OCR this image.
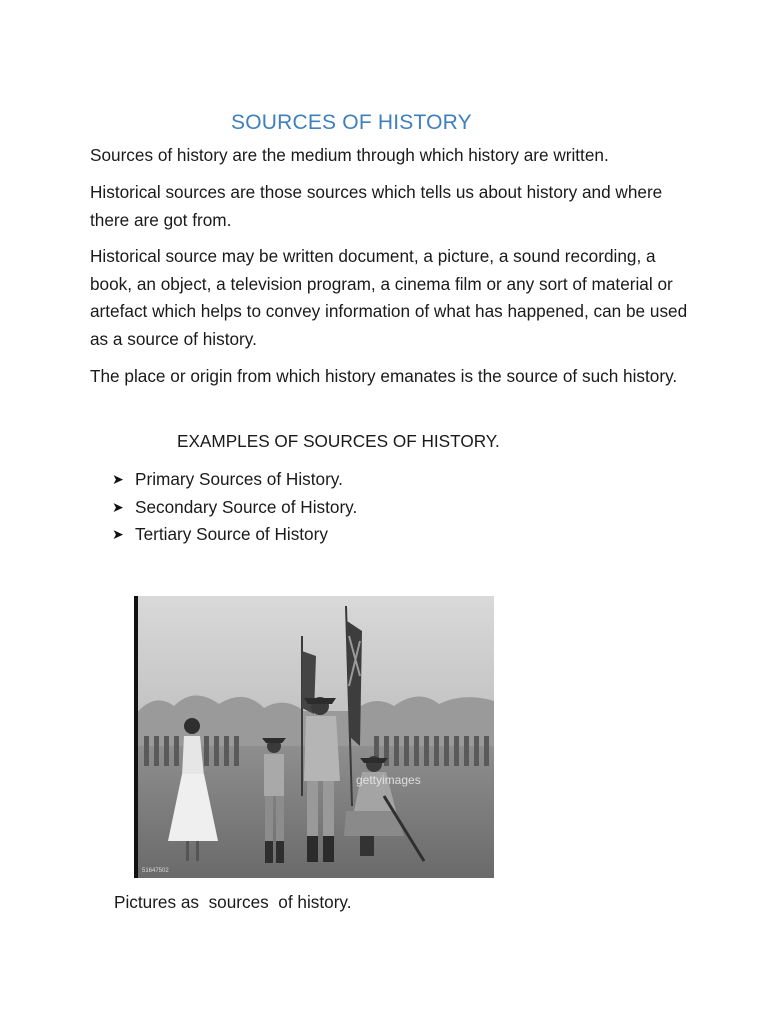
SOURCES OF HISTORY

Sources of history are the medium through which history are written.

Historical sources are those sources which tells us about history and where there are got from.

Historical source may be written document, a picture, a sound recording, a book, an object, a television program, a cinema film or any sort of material or artefact which helps to convey information of what has happened, can be used as a source of history.

The place or origin from which history emanates is the source of such history.

EXAMPLES OF SOURCES OF HISTORY.
➤ Primary Sources of History.
➤ Secondary Source of History.
➤ Tertiary Source of History
gettyimages
51647502
Pictures as  sources  of history.
